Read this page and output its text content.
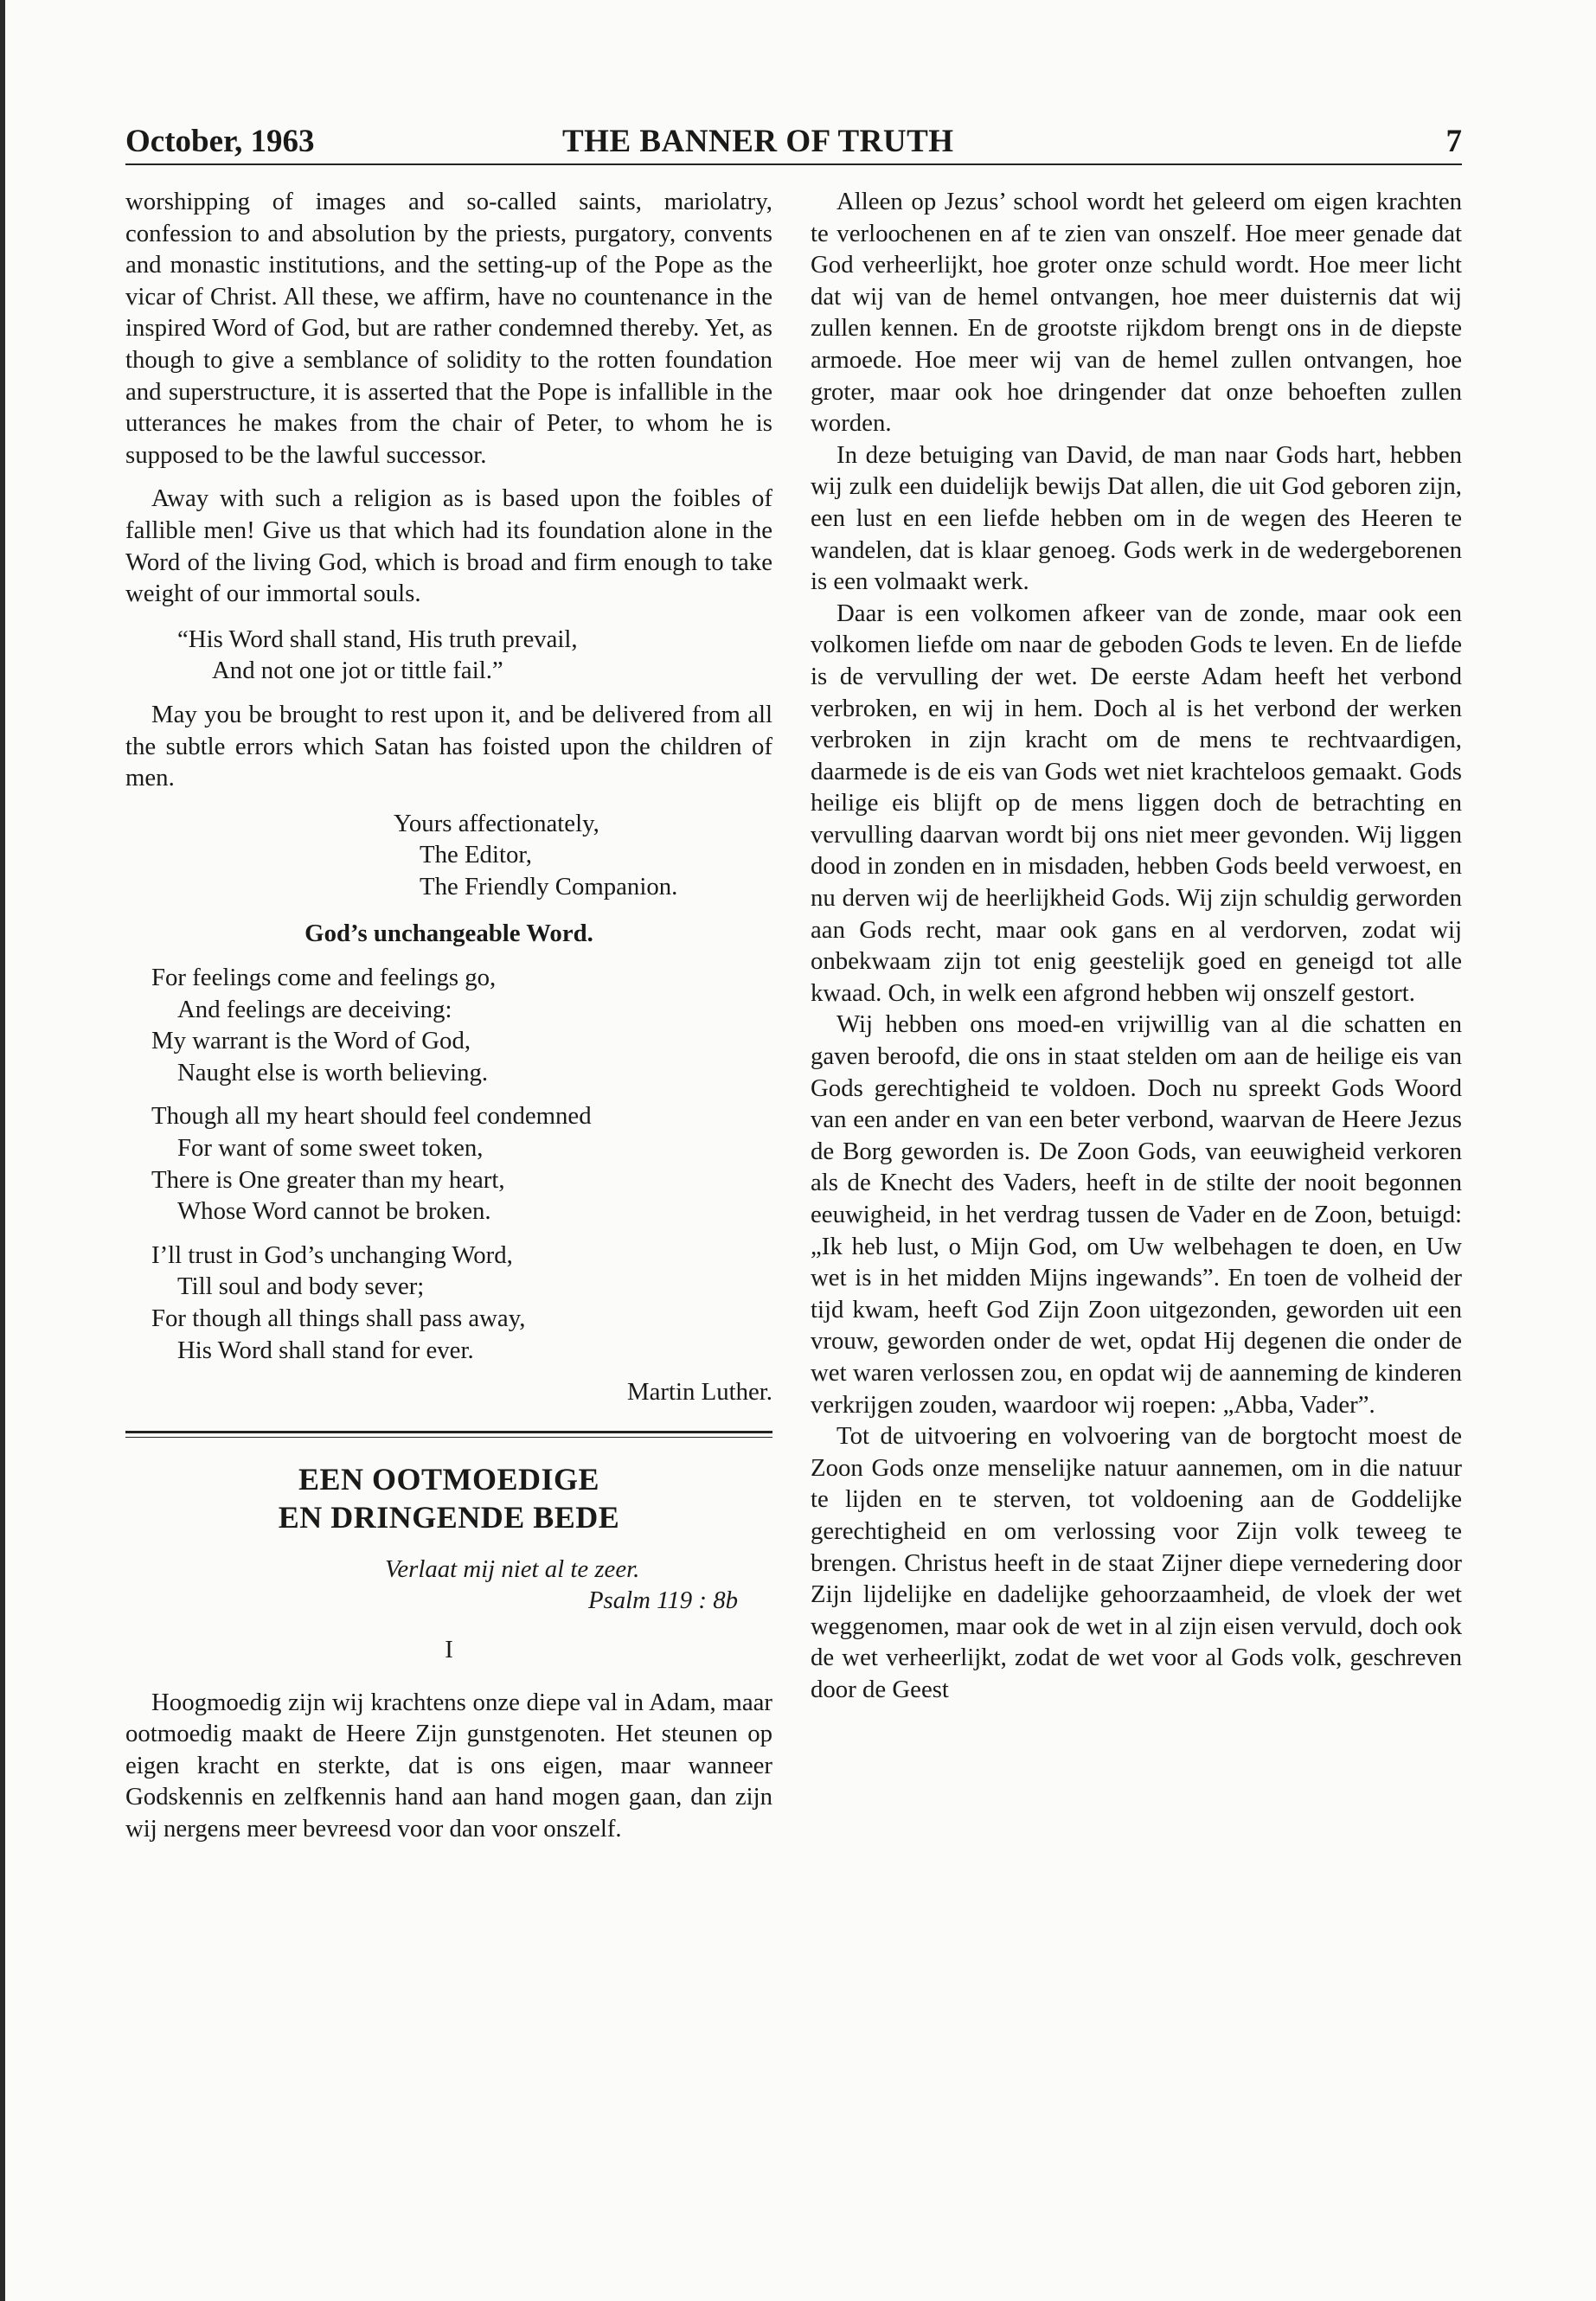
October, 1963	THE BANNER OF TRUTH	7

worshipping of images and so-called saints, mariolatry, confession to and absolution by the priests, purgatory, convents and monastic institutions, and the setting-up of the Pope as the vicar of Christ. All these, we affirm, have no countenance in the inspired Word of God, but are rather condemned thereby. Yet, as though to give a semblance of solidity to the rotten foundation and superstructure, it is asserted that the Pope is infallible in the utterances he makes from the chair of Peter, to whom he is supposed to be the lawful successor.

Away with such a religion as is based upon the foibles of fallible men! Give us that which had its foundation alone in the Word of the living God, which is broad and firm enough to take weight of our immortal souls.

“His Word shall stand, His truth prevail,
And not one jot or tittle fail.”

May you be brought to rest upon it, and be delivered from all the subtle errors which Satan has foisted upon the children of men.

Yours affectionately,
The Editor,
The Friendly Companion.
God’s unchangeable Word.
For feelings come and feelings go,
And feelings are deceiving:
My warrant is the Word of God,
Naught else is worth believing.
Though all my heart should feel condemned
For want of some sweet token,
There is One greater than my heart,
Whose Word cannot be broken.
I’ll trust in God’s unchanging Word,
Till soul and body sever;
For though all things shall pass away,
His Word shall stand for ever.
Martin Luther.
EEN OOTMOEDIGE
EN DRINGENDE BEDE
Verlaat mij niet al te zeer.
Psalm 119 : 8b
I

Hoogmoedig zijn wij krachtens onze diepe val in Adam, maar ootmoedig maakt de Heere Zijn gunstgenoten. Het steunen op eigen kracht en sterkte, dat is ons eigen, maar wanneer Godskennis en zelfkennis hand aan hand mogen gaan, dan zijn wij nergens meer bevreesd voor dan voor onszelf.

Alleen op Jezus’ school wordt het geleerd om eigen krachten te verloochenen en af te zien van onszelf. Hoe meer genade dat God verheerlijkt, hoe groter onze schuld wordt. Hoe meer licht dat wij van de hemel ontvangen, hoe meer duisternis dat wij zullen kennen. En de grootste rijkdom brengt ons in de diepste armoede. Hoe meer wij van de hemel zullen ontvangen, hoe groter, maar ook hoe dringender dat onze behoeften zullen worden.

In deze betuiging van David, de man naar Gods hart, hebben wij zulk een duidelijk bewijs Dat allen, die uit God geboren zijn, een lust en een liefde hebben om in de wegen des Heeren te wandelen, dat is klaar genoeg. Gods werk in de wedergeborenen is een volmaakt werk.

Daar is een volkomen afkeer van de zonde, maar ook een volkomen liefde om naar de geboden Gods te leven. En de liefde is de vervulling der wet. De eerste Adam heeft het verbond verbroken, en wij in hem. Doch al is het verbond der werken verbroken in zijn kracht om de mens te rechtvaardigen, daarmede is de eis van Gods wet niet krachteloos gemaakt. Gods heilige eis blijft op de mens liggen doch de betrachting en vervulling daarvan wordt bij ons niet meer gevonden. Wij liggen dood in zonden en in misdaden, hebben Gods beeld verwoest, en nu derven wij de heerlijkheid Gods. Wij zijn schuldig gerworden aan Gods recht, maar ook gans en al verdorven, zodat wij onbekwaam zijn tot enig geestelijk goed en geneigd tot alle kwaad. Och, in welk een afgrond hebben wij onszelf gestort.

Wij hebben ons moed-en vrijwillig van al die schatten en gaven beroofd, die ons in staat stelden om aan de heilige eis van Gods gerechtigheid te voldoen. Doch nu spreekt Gods Woord van een ander en van een beter verbond, waarvan de Heere Jezus de Borg geworden is. De Zoon Gods, van eeuwigheid verkoren als de Knecht des Vaders, heeft in de stilte der nooit begonnen eeuwigheid, in het verdrag tussen de Vader en de Zoon, betuigd: „Ik heb lust, o Mijn God, om Uw welbehagen te doen, en Uw wet is in het midden Mijns ingewands”. En toen de volheid der tijd kwam, heeft God Zijn Zoon uitgezonden, geworden uit een vrouw, geworden onder de wet, opdat Hij degenen die onder de wet waren verlossen zou, en opdat wij de aanneming de kinderen verkrijgen zouden, waardoor wij roepen: „Abba, Vader”.

Tot de uitvoering en volvoering van de borgtocht moest de Zoon Gods onze menselijke natuur aannemen, om in die natuur te lijden en te sterven, tot voldoening aan de Goddelijke gerechtigheid en om verlossing voor Zijn volk teweeg te brengen. Christus heeft in de staat Zijner diepe vernedering door Zijn lijdelijke en dadelijke gehoorzaamheid, de vloek der wet weggenomen, maar ook de wet in al zijn eisen vervuld, doch ook de wet verheerlijkt, zodat de wet voor al Gods volk, geschreven door de Geest
